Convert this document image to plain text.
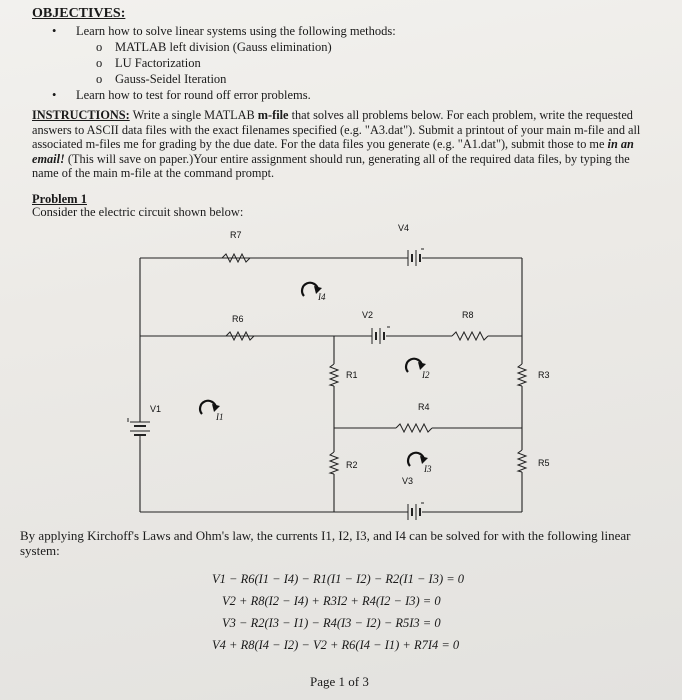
OBJECTIVES:
• Learn how to solve linear systems using the following methods:
o MATLAB left division (Gauss elimination)
o LU Factorization
o Gauss-Seidel Iteration
• Learn how to test for round off error problems.
INSTRUCTIONS: Write a single MATLAB m-file that solves all problems below. For each problem, write the requested answers to ASCII data files with the exact filenames specified (e.g. "A3.dat"). Submit a printout of your main m-file and all associated m-files me for grading by the due date. For the data files you generate (e.g. "A1.dat"), submit those to me in an email! (This will save on paper.)Your entire assignment should run, generating all of the required data files, by typing the name of the main m-file at the command prompt.
Problem 1
Consider the electric circuit shown below:
R7
V4
R6	V2	R8
R1	R3
V1	R4
R2	R5
V3
I4
I1
I2
I3
By applying Kirchoff's Laws and Ohm's law, the currents I1, I2, I3, and I4 can be solved for with the following linear system:
V1 − R6(I1 − I4) − R1(I1 − I2) − R2(I1 − I3) = 0
V2 + R8(I2 − I4) + R3I2 + R4(I2 − I3) = 0
V3 − R2(I3 − I1) − R4(I3 − I2) − R5I3 = 0
V4 + R8(I4 − I2) − V2 + R6(I4 − I1) + R7I4 = 0
Page 1 of 3
